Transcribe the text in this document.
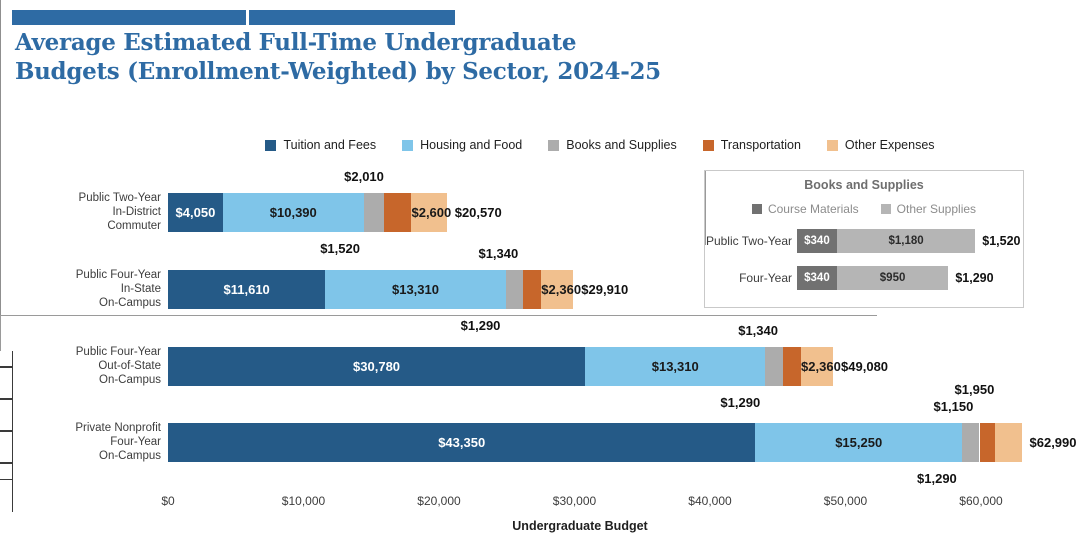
Average Estimated Full-Time Undergraduate
Budgets (Enrollment-Weighted) by Sector, 2024-25
Tuition and Fees	Housing and Food	Books and Supplies	Transportation	Other Expenses
$0	$10,000	$20,000	$30,000	$40,000	$50,000	$60,000
Public Two-Year
In-District
Commuter
$4,050	$10,390
$1,520
$2,010
$2,600 $20,570
Public Four-Year
In-State
On-Campus
$11,610	$13,310
$1,290
$1,340
$2,360 $29,910
Public Four-Year
Out-of-State
On-Campus
$30,780	$13,310
$1,290
$1,340
$2,360 $49,080
Private Nonprofit
Four-Year
On-Campus
$43,350	$15,250
$1,290
$1,150
$1,950
$62,990
Undergraduate Budget
Books and Supplies
Course Materials	Other Supplies
Public Two-Year	$340	$1,180	$1,520
Four-Year	$340	$950	$1,290
